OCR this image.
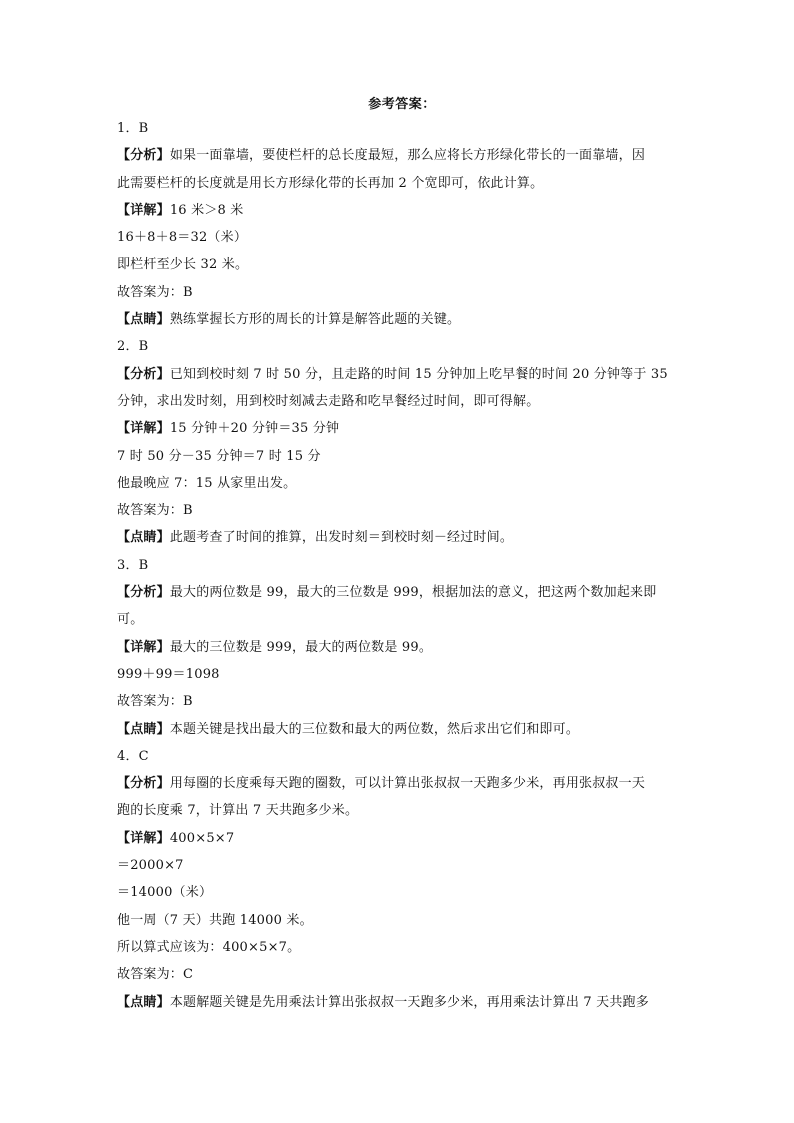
参考答案：
1．B
【分析】如果一面靠墙，要使栏杆的总长度最短，那么应将长方形绿化带长的一面靠墙，因
此需要栏杆的长度就是用长方形绿化带的长再加 2 个宽即可，依此计算。
【详解】16 米＞8 米
16＋8＋8＝32（米）
即栏杆至少长 32 米。
故答案为：B
【点睛】熟练掌握长方形的周长的计算是解答此题的关键。
2．B
【分析】已知到校时刻 7 时 50 分，且走路的时间 15 分钟加上吃早餐的时间 20 分钟等于 35
分钟，求出发时刻，用到校时刻减去走路和吃早餐经过时间，即可得解。
【详解】15 分钟＋20 分钟＝35 分钟
7 时 50 分－35 分钟＝7 时 15 分
他最晚应 7：15 从家里出发。
故答案为：B
【点睛】此题考查了时间的推算，出发时刻＝到校时刻－经过时间。
3．B
【分析】最大的两位数是 99，最大的三位数是 999，根据加法的意义，把这两个数加起来即
可。
【详解】最大的三位数是 999，最大的两位数是 99。
999＋99＝1098
故答案为：B
【点睛】本题关键是找出最大的三位数和最大的两位数，然后求出它们和即可。
4．C
【分析】用每圈的长度乘每天跑的圈数，可以计算出张叔叔一天跑多少米，再用张叔叔一天
跑的长度乘 7，计算出 7 天共跑多少米。
【详解】400×5×7
＝2000×7
＝14000（米）
他一周（7 天）共跑 14000 米。
所以算式应该为：400×5×7。
故答案为：C
【点睛】本题解题关键是先用乘法计算出张叔叔一天跑多少米，再用乘法计算出 7 天共跑多
